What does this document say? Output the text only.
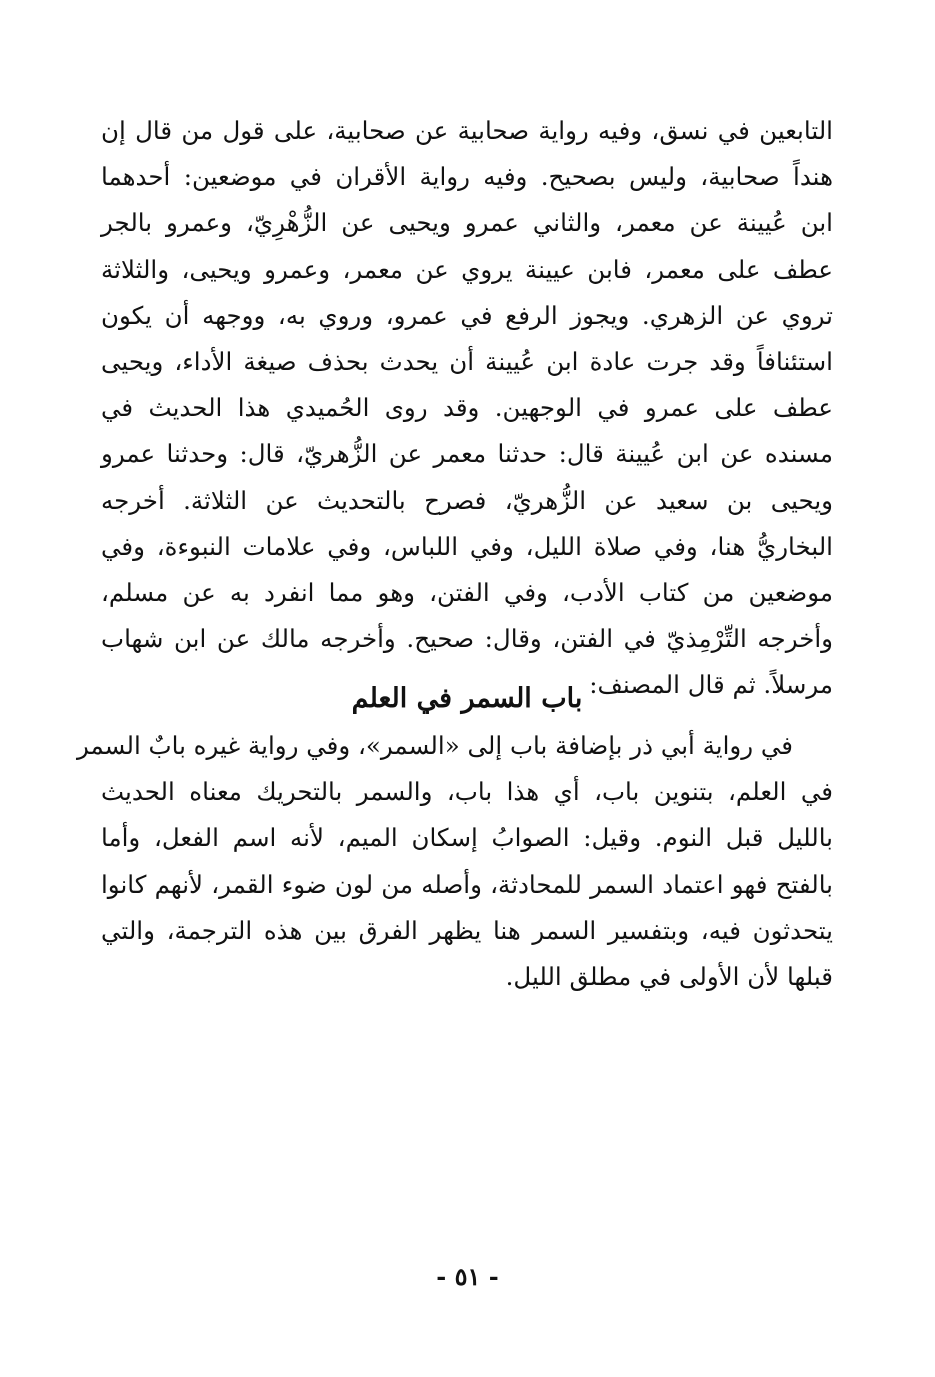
التابعين في نسق، وفيه رواية صحابية عن صحابية، على قول من قال إن
هنداً صحابية، وليس بصحيح. وفيه رواية الأقران في موضعين: أحدهما
ابن عُيينة عن معمر، والثاني عمرو ويحيى عن الزُّهْرِيّ، وعمرو بالجر
عطف على معمر، فابن عيينة يروي عن معمر، وعمرو ويحيى، والثلاثة
تروي عن الزهري. ويجوز الرفع في عمرو، وروي به، ووجهه أن يكون
استئنافاً وقد جرت عادة ابن عُيينة أن يحدث بحذف صيغة الأداء، ويحيى
عطف على عمرو في الوجهين. وقد روى الحُميدي هذا الحديث في
مسنده عن ابن عُيينة قال: حدثنا معمر عن الزُّهريّ، قال: وحدثنا عمرو
ويحيى بن سعيد عن الزُّهريّ، فصرح بالتحديث عن الثلاثة. أخرجه
البخاريُّ هنا، وفي صلاة الليل، وفي اللباس، وفي علامات النبوءة، وفي
موضعين من كتاب الأدب، وفي الفتن، وهو مما انفرد به عن مسلم،
وأخرجه التِّرْمِذيّ في الفتن، وقال: صحيح. وأخرجه مالك عن ابن شهاب
مرسلاً. ثم قال المصنف:
باب السمر في العلم
في رواية أبي ذر بإضافة باب إلى «السمر»، وفي رواية غيره بابٌ السمر
في العلم، بتنوين باب، أي هذا باب، والسمر بالتحريك معناه الحديث
بالليل قبل النوم. وقيل: الصوابُ إسكان الميم، لأنه اسم الفعل، وأما
بالفتح فهو اعتماد السمر للمحادثة، وأصله من لون ضوء القمر، لأنهم كانوا
يتحدثون فيه، وبتفسير السمر هنا يظهر الفرق بين هذه الترجمة، والتي
قبلها لأن الأولى في مطلق الليل.
- ٥١ -
